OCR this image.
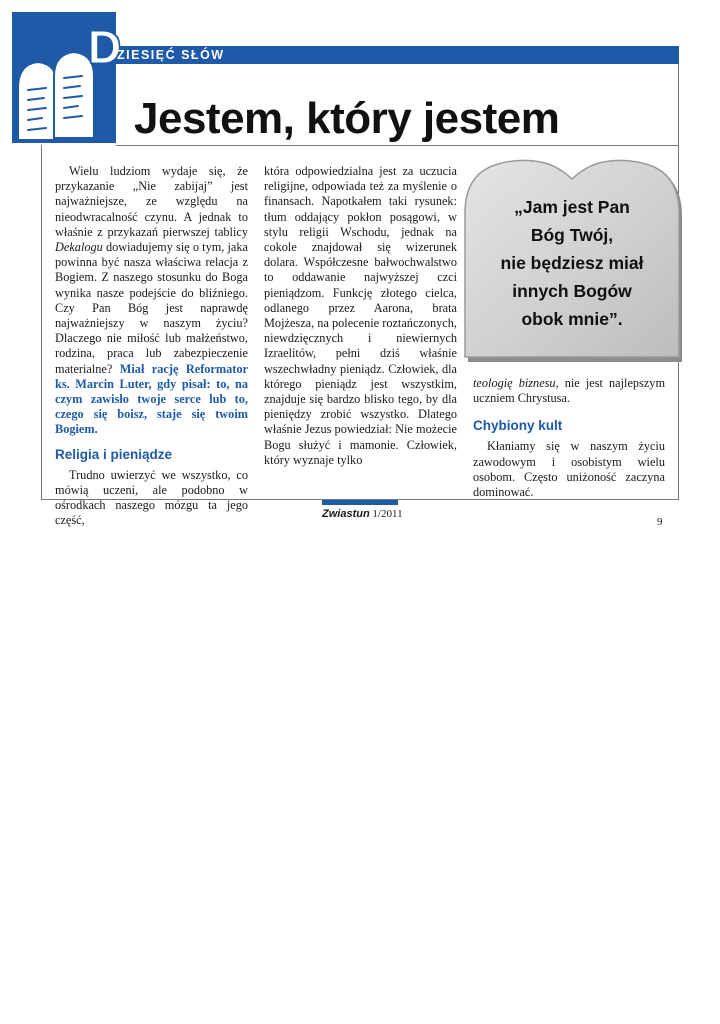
D
ZIESIĘĆ SŁÓW
Jestem, który jestem

Wielu ludziom wydaje się, że przykazanie „Nie zabijaj” jest najważniejsze, ze względu na nieodwracalność czynu. A jednak to właśnie z przykazań pierwszej tablicy Dekalogu dowiadujemy się o tym, jaka powinna być nasza właściwa relacja z Bogiem. Z naszego stosunku do Boga wynika nasze podejście do bliźniego. Czy Pan Bóg jest naprawdę najważniejszy w naszym życiu? Dlaczego nie miłość lub małżeństwo, rodzina, praca lub zabezpieczenie materialne? Miał rację Reformator ks. Marcin Luter, gdy pisał: to, na czym zawisło twoje serce lub to, czego się boisz, staje się twoim Bogiem.

Religia i pieniądze

Trudno uwierzyć we wszystko, co mówią uczeni, ale podobno w ośrodkach naszego mózgu ta jego część,

która odpowiedzialna jest za uczucia religijne, odpowiada też za myślenie o finansach. Napotkałem taki rysunek: tłum oddający pokłon posągowi, w stylu religii Wschodu, jednak na cokole znajdował się wizerunek dolara. Współczesne bałwochwalstwo to oddawanie najwyższej czci pieniądzom. Funkcję złotego cielca, odlanego przez Aarona, brata Mojżesza, na polecenie roztańczonych, niewdzięcznych i niewiernych Izraelitów, pełni dziś właśnie wszechwładny pieniądz. Człowiek, dla którego pieniądz jest wszystkim, znajduje się bardzo blisko tego, by dla pieniędzy zrobić wszystko. Dlatego właśnie Jezus powiedział: Nie możecie Bogu służyć i mamonie. Człowiek, który wyznaje tylko

„Jam jest Pan
Bóg Twój,
nie będziesz miał
innych Bogów
obok mnie”.

teologię biznesu, nie jest najlepszym uczniem Chrystusa.

Chybiony kult

Kłaniamy się w naszym życiu zawodowym i osobistym wielu osobom. Często uniżoność zaczyna dominować.

Zwiastun 1/2011
9
